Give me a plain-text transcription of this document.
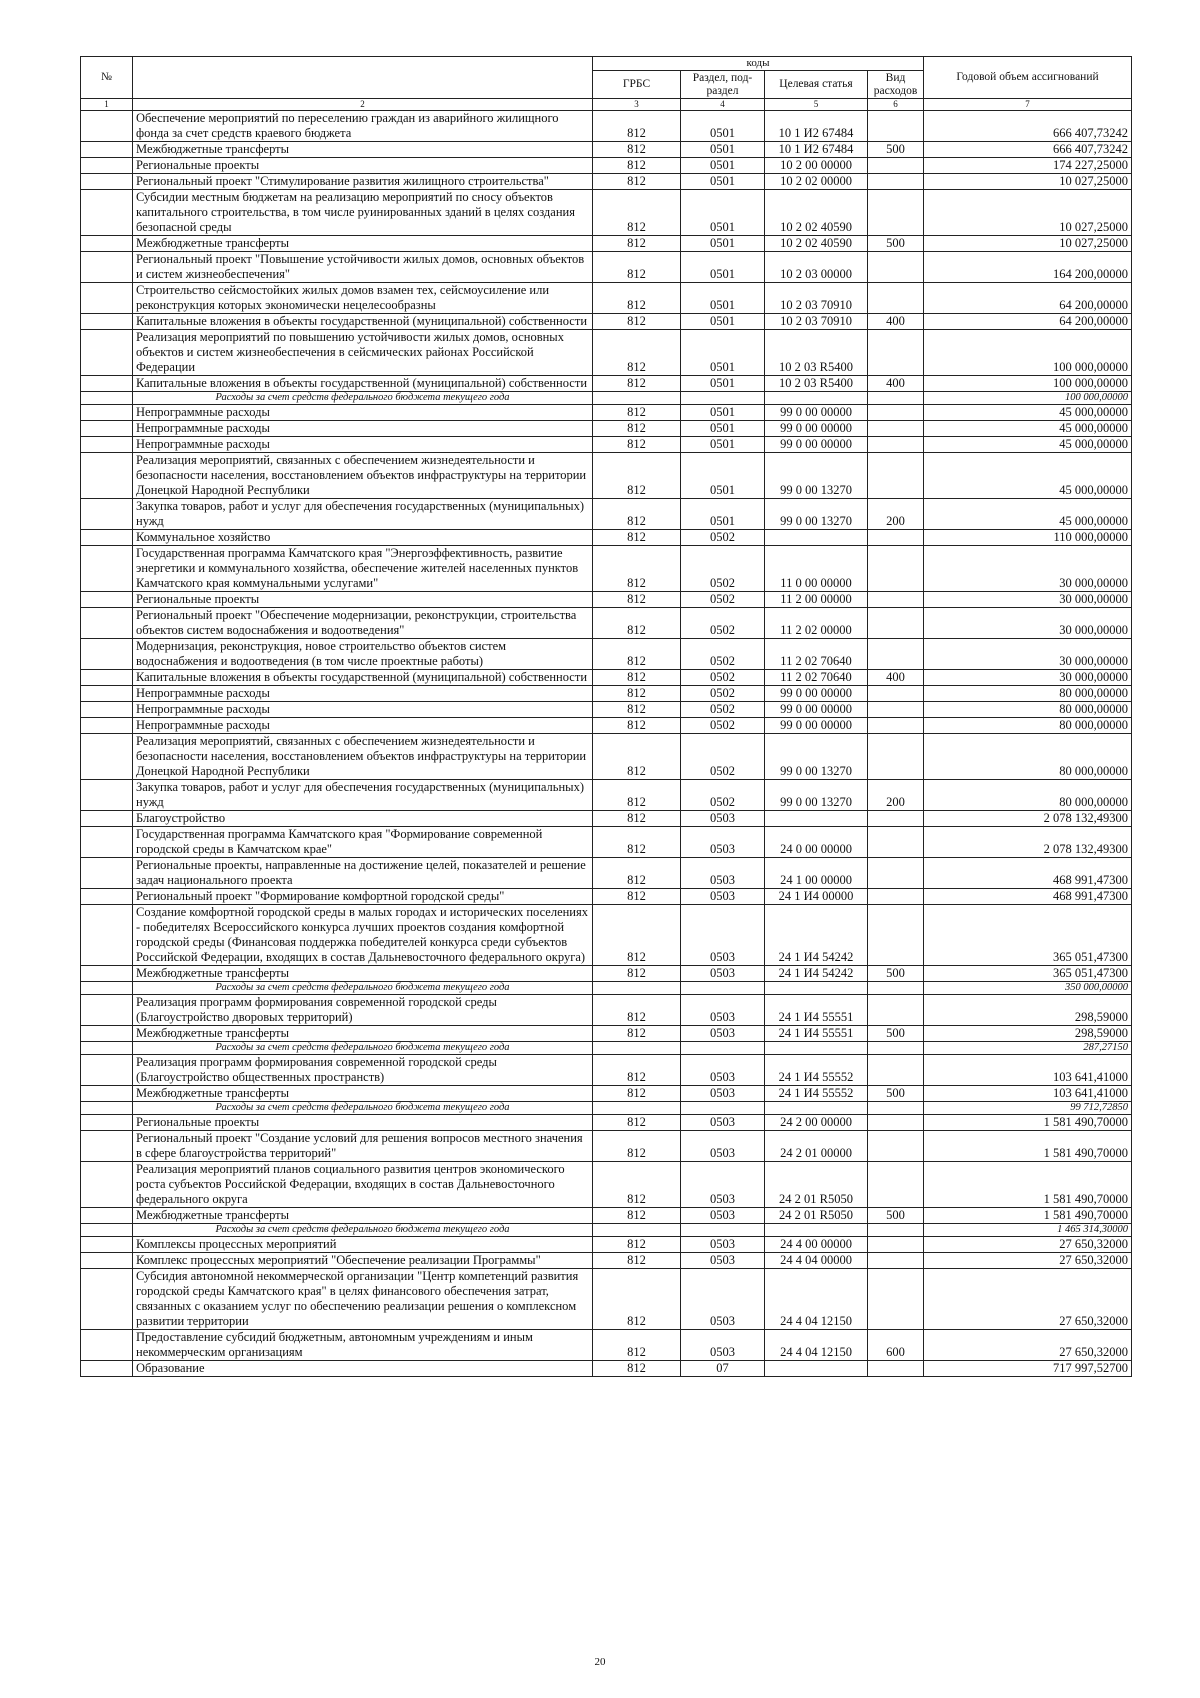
№		коды				Годовой объем ассигнований
		ГРБС	Раздел, под-раздел	Целевая статья	Вид расходов	
1	2	3	4	5	6	7
	Обеспечение мероприятий по переселению граждан из аварийного жилищного фонда за счет средств краевого бюджета	812	0501	10 1 И2 67484		666 407,73242
	Межбюджетные трансферты	812	0501	10 1 И2 67484	500	666 407,73242
	Региональные проекты	812	0501	10 2 00 00000		174 227,25000
	Региональный проект "Стимулирование развития жилищного строительства"	812	0501	10 2 02 00000		10 027,25000
	Субсидии местным бюджетам на реализацию мероприятий по сносу объектов капитального строительства, в том числе руинированных зданий в целях создания безопасной среды	812	0501	10 2 02 40590		10 027,25000
	Межбюджетные трансферты	812	0501	10 2 02 40590	500	10 027,25000
	Региональный проект "Повышение устойчивости жилых домов, основных объектов и систем жизнеобеспечения"	812	0501	10 2 03 00000		164 200,00000
	Строительство сейсмостойких жилых домов взамен тех, сейсмоусиление или реконструкция которых экономически нецелесообразны	812	0501	10 2 03 70910		64 200,00000
	Капитальные вложения в объекты государственной (муниципальной) собственности	812	0501	10 2 03 70910	400	64 200,00000
	Реализация мероприятий по повышению устойчивости жилых домов, основных объектов и систем жизнеобеспечения в сейсмических районах Российской Федерации	812	0501	10 2 03 R5400		100 000,00000
	Капитальные вложения в объекты государственной (муниципальной) собственности	812	0501	10 2 03 R5400	400	100 000,00000
	Расходы за счет средств федерального бюджета текущего года					100 000,00000
	Непрограммные расходы	812	0501	99 0 00 00000		45 000,00000
	Непрограммные расходы	812	0501	99 0 00 00000		45 000,00000
	Непрограммные расходы	812	0501	99 0 00 00000		45 000,00000
	Реализация мероприятий, связанных с обеспечением жизнедеятельности и безопасности населения, восстановлением объектов инфраструктуры на территории Донецкой Народной Республики	812	0501	99 0 00 13270		45 000,00000
	Закупка товаров, работ и услуг для обеспечения государственных (муниципальных) нужд	812	0501	99 0 00 13270	200	45 000,00000
	Коммунальное хозяйство	812	0502			110 000,00000
	Государственная программа Камчатского края "Энергоэффективность, развитие энергетики и коммунального хозяйства, обеспечение жителей населенных пунктов Камчатского края коммунальными услугами"	812	0502	11 0 00 00000		30 000,00000
	Региональные проекты	812	0502	11 2 00 00000		30 000,00000
	Региональный проект "Обеспечение модернизации, реконструкции, строительства объектов систем водоснабжения и водоотведения"	812	0502	11 2 02 00000		30 000,00000
	Модернизация, реконструкция, новое строительство объектов систем водоснабжения и водоотведения (в том числе проектные работы)	812	0502	11 2 02 70640		30 000,00000
	Капитальные вложения в объекты государственной (муниципальной) собственности	812	0502	11 2 02 70640	400	30 000,00000
	Непрограммные расходы	812	0502	99 0 00 00000		80 000,00000
	Непрограммные расходы	812	0502	99 0 00 00000		80 000,00000
	Непрограммные расходы	812	0502	99 0 00 00000		80 000,00000
	Реализация мероприятий, связанных с обеспечением жизнедеятельности и безопасности населения, восстановлением объектов инфраструктуры на территории Донецкой Народной Республики	812	0502	99 0 00 13270		80 000,00000
	Закупка товаров, работ и услуг для обеспечения государственных (муниципальных) нужд	812	0502	99 0 00 13270	200	80 000,00000
	Благоустройство	812	0503			2 078 132,49300
	Государственная программа Камчатского края "Формирование современной городской среды в Камчатском крае"	812	0503	24 0 00 00000		2 078 132,49300
	Региональные проекты, направленные на достижение целей, показателей и решение задач национального проекта	812	0503	24 1 00 00000		468 991,47300
	Региональный проект "Формирование комфортной городской среды"	812	0503	24 1 И4 00000		468 991,47300
	Создание комфортной городской среды в малых городах и исторических поселениях - победителях Всероссийского конкурса лучших проектов создания комфортной городской среды (Финансовая поддержка победителей конкурса среди субъектов Российской Федерации, входящих в состав Дальневосточного федерального округа)	812	0503	24 1 И4 54242		365 051,47300
	Межбюджетные трансферты	812	0503	24 1 И4 54242	500	365 051,47300
	Расходы за счет средств федерального бюджета текущего года					350 000,00000
	Реализация программ формирования современной городской среды (Благоустройство дворовых территорий)	812	0503	24 1 И4 55551		298,59000
	Межбюджетные трансферты	812	0503	24 1 И4 55551	500	298,59000
	Расходы за счет средств федерального бюджета текущего года					287,27150
	Реализация программ формирования современной городской среды (Благоустройство общественных пространств)	812	0503	24 1 И4 55552		103 641,41000
	Межбюджетные трансферты	812	0503	24 1 И4 55552	500	103 641,41000
	Расходы за счет средств федерального бюджета текущего года					99 712,72850
	Региональные проекты	812	0503	24 2 00 00000		1 581 490,70000
	Региональный проект "Создание условий для решения вопросов местного значения в сфере благоустройства территорий"	812	0503	24 2 01 00000		1 581 490,70000
	Реализация мероприятий планов социального развития центров экономического роста субъектов Российской Федерации, входящих в состав Дальневосточного федерального округа	812	0503	24 2 01 R5050		1 581 490,70000
	Межбюджетные трансферты	812	0503	24 2 01 R5050	500	1 581 490,70000
	Расходы за счет средств федерального бюджета текущего года					1 465 314,30000
	Комплексы процессных мероприятий	812	0503	24 4 00 00000		27 650,32000
	Комплекс процессных мероприятий "Обеспечение реализации Программы"	812	0503	24 4 04 00000		27 650,32000
	Субсидия автономной некоммерческой организации "Центр компетенций развития городской среды Камчатского края" в целях финансового обеспечения затрат, связанных с оказанием услуг по обеспечению реализации решения о комплексном развитии территории	812	0503	24 4 04 12150		27 650,32000
	Предоставление субсидий бюджетным, автономным учреждениям и иным некоммерческим организациям	812	0503	24 4 04 12150	600	27 650,32000
	Образование	812	07			717 997,52700
20
